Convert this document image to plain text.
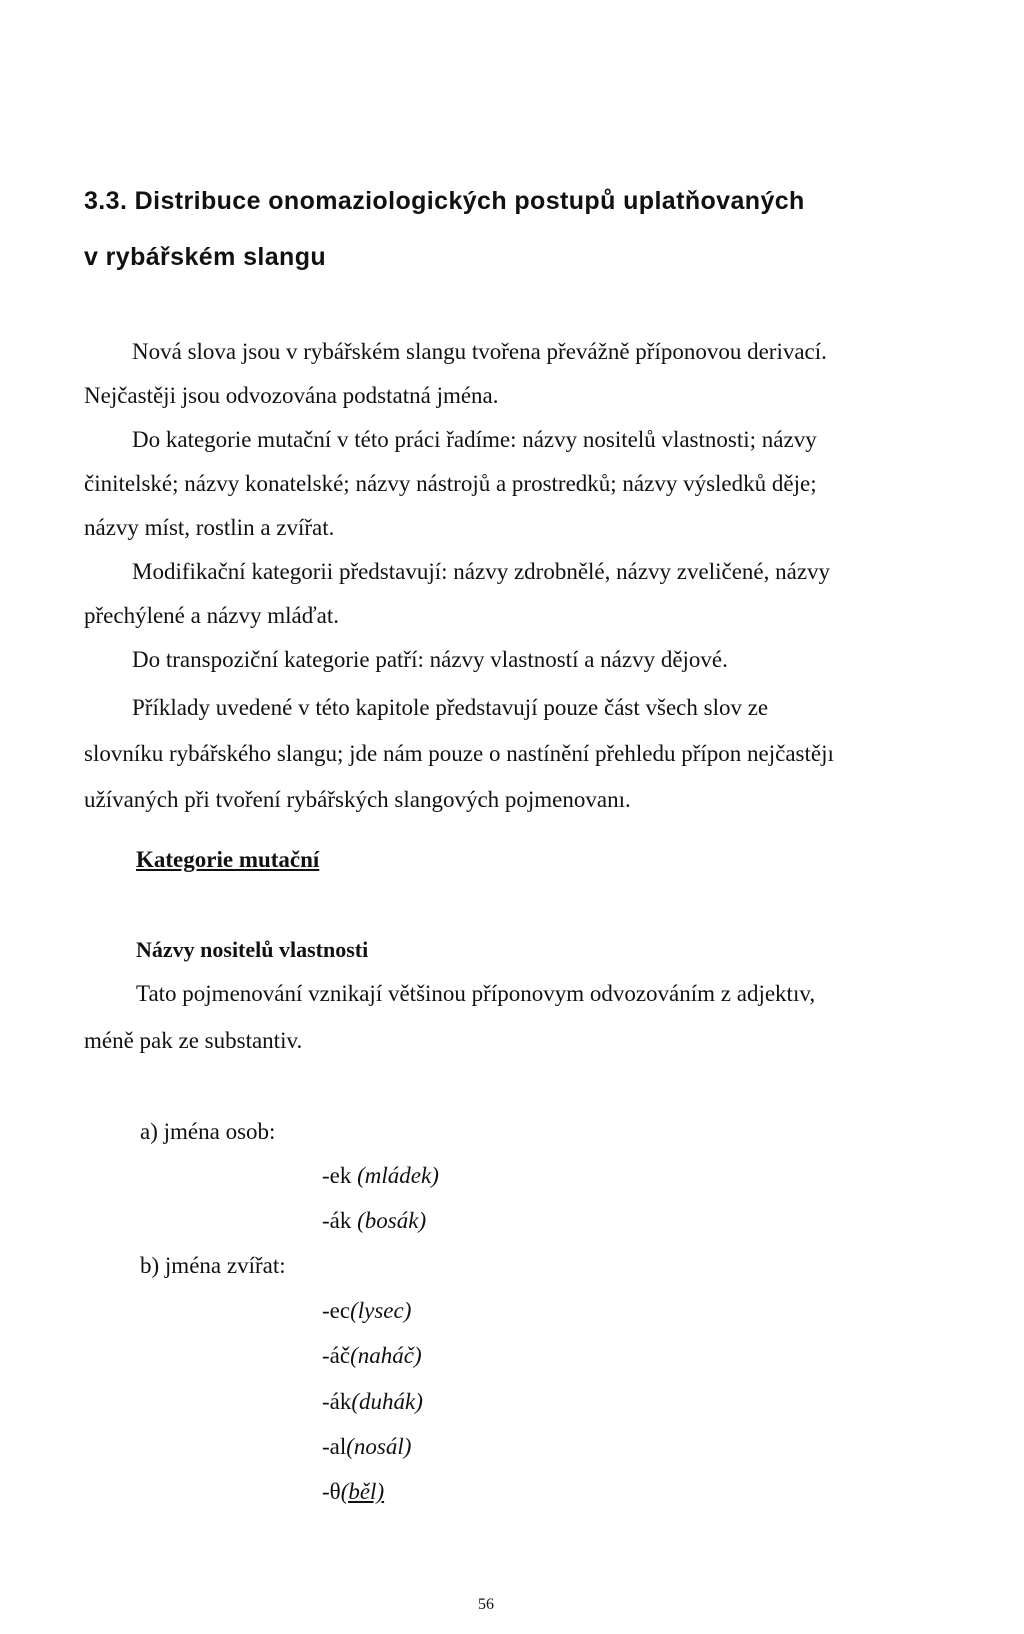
3.3. Distribuce onomaziologických postupů uplatňovaných
v rybářském slangu

Nová slova jsou v rybářském slangu tvořena převážně příponovou derivací.

Nejčastěji jsou odvozována podstatná jména.

Do kategorie mutační v této práci řadíme: názvy nositelů vlastnosti; názvy

činitelské; názvy konatelské; názvy nástrojů a prostredků; názvy výsledků děje;

názvy míst, rostlin a zvířat.

Modifikační kategorii představují: názvy zdrobnělé, názvy zveličené, názvy

přechýlené a názvy mláďat.

Do transpoziční kategorie patří: názvy vlastností a názvy dějové.

Příklady uvedené v této kapitole představují pouze část všech slov ze

slovníku rybářského slangu; jde nám pouze o nastínění přehledu přípon nejčastějı

užívaných při tvoření rybářských slangových pojmenovanı.

Kategorie mutační

Názvy nositelů vlastnosti

Tato pojmenování vznikají většinou příponovym odvozováním z adjektıv,

méně pak ze substantiv.

a) jména osob:

-ek (mládek)

-ák (bosák)

b) jména zvířat:

-ec(lysec)

-áč(naháč)

-ák(duhák)

-al(nosál)

-θ(běl)

56
